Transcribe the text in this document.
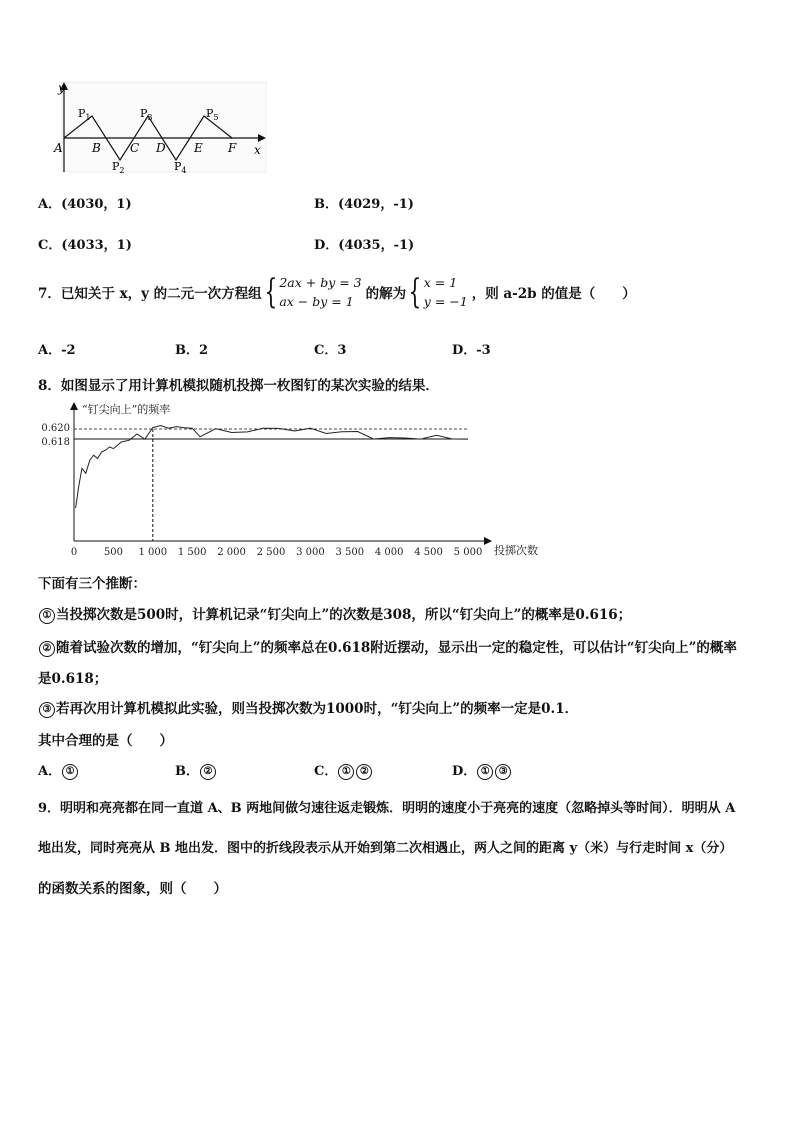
y
x
A B C D E F
$P_1$	$P_3$	$P_5$
$P_2$	$P_4$
A．(4030，1)	B．(4029，-1)
C．(4033，1)	D．(4035，-1)
7．已知关于 x，y 的二元一次方程组{ 2ax + by = 3
ax − by = 1 的解为{ x = 1
y = −1 ，则 a-2b 的值是（　　）
A．-2	B．2	C．3	D．-3
8．如图显示了用计算机模拟随机投掷一枚图钉的某次实验的结果．
“钉尖向上”的频率
投掷次数
0.620
0.618
0	500 1 000 1 500 2 000 2 500 3 000 3 500 4 000 4 500 5 000
下面有三个推断：
① 当投掷次数是500时，计算机记录“钉尖向上”的次数是308，所以“钉尖向上”的概率是0.616；
② 随着试验次数的增加，“钉尖向上”的频率总在0.618附近摆动，显示出一定的稳定性，可以估计“钉尖向上”的概率
是0.618；
③ 若再次用计算机模拟此实验，则当投掷次数为1000时，“钉尖向上”的频率一定是0.1．
其中合理的是（　　）
A． ①	B． ②	C． ① ②	D． ① ③
9．明明和亮亮都在同一直道 A、B 两地间做匀速往返走锻炼．明明的速度小于亮亮的速度（忽略掉头等时间）．明明从 A
地出发，同时亮亮从 B 地出发．图中的折线段表示从开始到第二次相遇止，两人之间的距离 y（米）与行走时间 x（分）
的函数关系的图象，则（　　）
